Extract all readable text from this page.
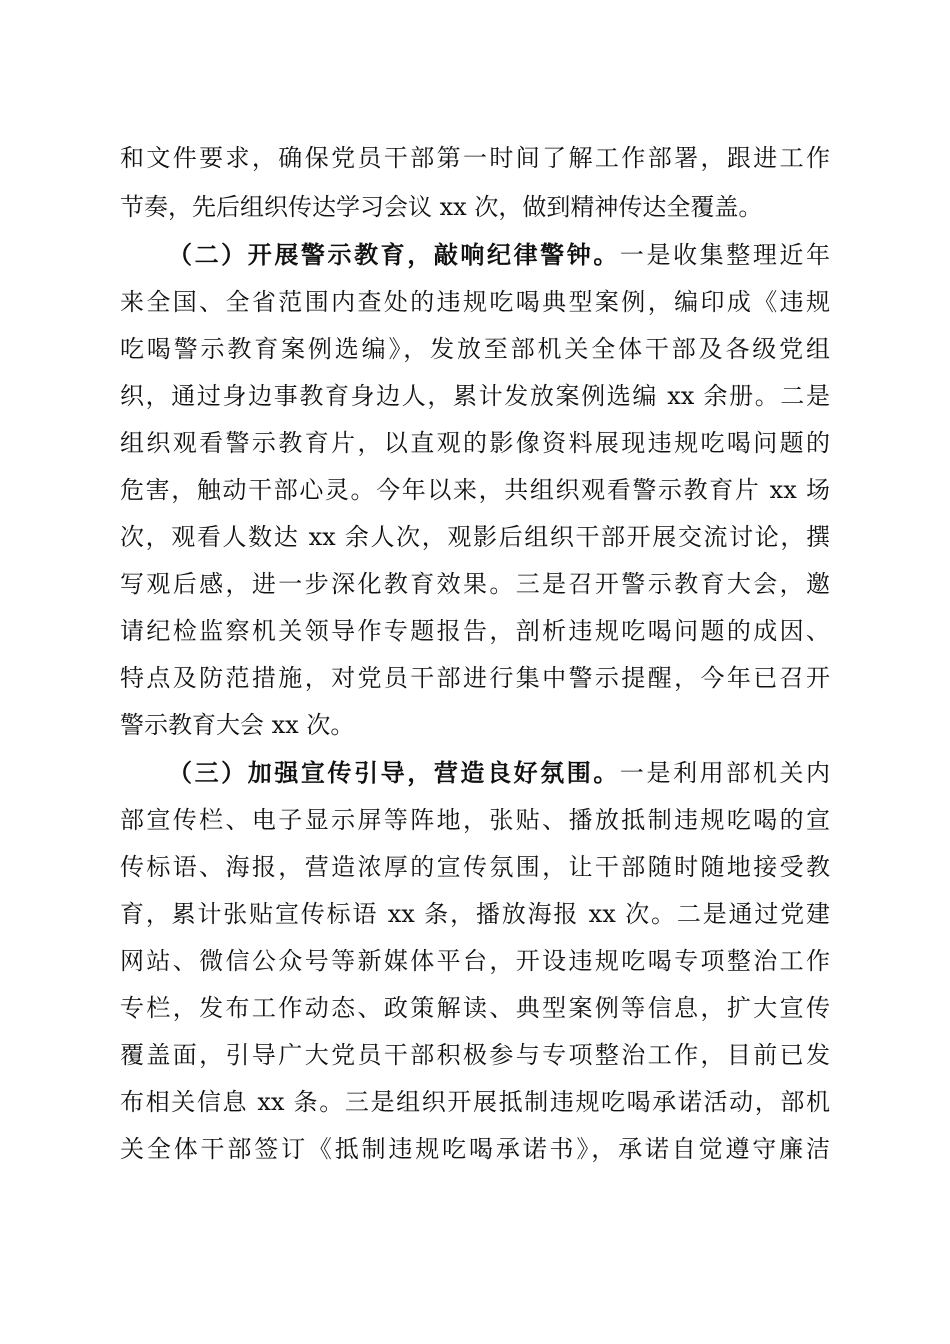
和文件要求，确保党员干部第一时间了解工作部署，跟进工作
节奏，先后组织传达学习会议 xx 次，做到精神传达全覆盖。
（二）开展警示教育，敲响纪律警钟。一是收集整理近年
来全国、全省范围内查处的违规吃喝典型案例，编印成《违规
吃喝警示教育案例选编》，发放至部机关全体干部及各级党组
织，通过身边事教育身边人，累计发放案例选编 xx 余册。二是
组织观看警示教育片，以直观的影像资料展现违规吃喝问题的
危害，触动干部心灵。今年以来，共组织观看警示教育片 xx 场
次，观看人数达 xx 余人次，观影后组织干部开展交流讨论，撰
写观后感，进一步深化教育效果。三是召开警示教育大会，邀
请纪检监察机关领导作专题报告，剖析违规吃喝问题的成因、
特点及防范措施，对党员干部进行集中警示提醒，今年已召开
警示教育大会 xx 次。
（三）加强宣传引导，营造良好氛围。一是利用部机关内
部宣传栏、电子显示屏等阵地，张贴、播放抵制违规吃喝的宣
传标语、海报，营造浓厚的宣传氛围，让干部随时随地接受教
育，累计张贴宣传标语 xx 条，播放海报 xx 次。二是通过党建
网站、微信公众号等新媒体平台，开设违规吃喝专项整治工作
专栏，发布工作动态、政策解读、典型案例等信息，扩大宣传
覆盖面，引导广大党员干部积极参与专项整治工作，目前已发
布相关信息 xx 条。三是组织开展抵制违规吃喝承诺活动，部机
关全体干部签订《抵制违规吃喝承诺书》，承诺自觉遵守廉洁
